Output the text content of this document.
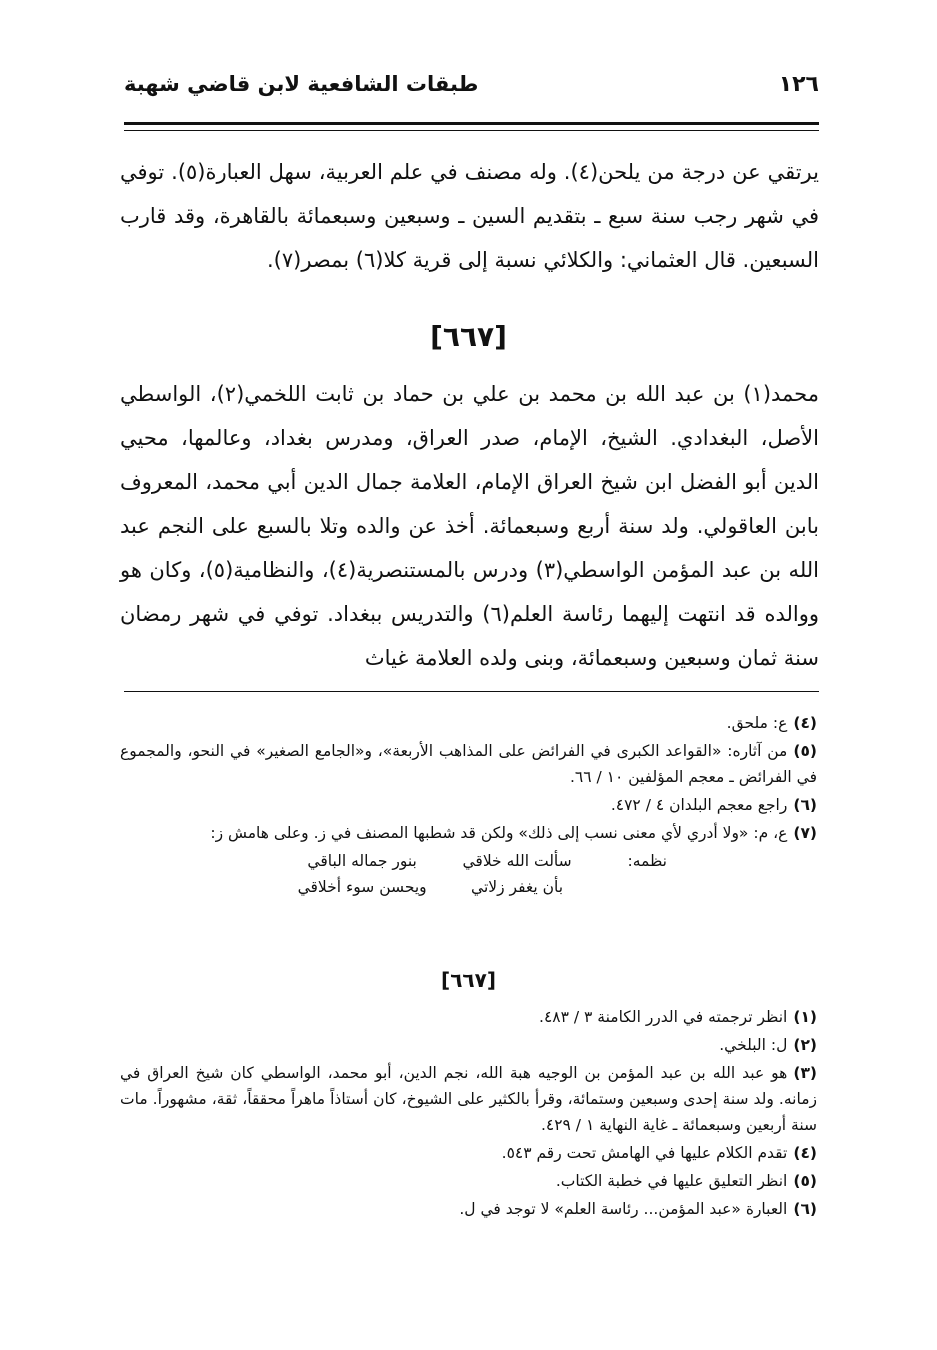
١٢٦
طبقات الشافعية لابن قاضي شهبة

يرتقي عن درجة من يلحن(٤). وله مصنف في علم العربية، سهل العبارة(٥). توفي في شهر رجب سنة سبع ـ بتقديم السين ـ وسبعين وسبعمائة بالقاهرة، وقد قارب السبعين. قال العثماني: والكلائي نسبة إلى قرية كلا(٦) بمصر(٧).

[٦٦٧]

محمد(١) بن عبد الله بن محمد بن علي بن حماد بن ثابت اللخمي(٢)، الواسطي الأصل، البغدادي. الشيخ، الإمام، صدر العراق، ومدرس بغداد، وعالمها، محيي الدين أبو الفضل ابن شيخ العراق الإمام، العلامة جمال الدين أبي محمد، المعروف بابن العاقولي. ولد سنة أربع وسبعمائة. أخذ عن والده وتلا بالسبع على النجم عبد الله بن عبد المؤمن الواسطي(٣) ودرس بالمستنصرية(٤)، والنظامية(٥)، وكان هو ووالده قد انتهت إليهما رئاسة العلم(٦) والتدريس ببغداد. توفي في شهر رمضان سنة ثمان وسبعين وسبعمائة، وبنى ولده العلامة غياث

(٤)ع: ملحق.

(٥)من آثاره: «القواعد الكبرى في الفرائض على المذاهب الأربعة»، و«الجامع الصغير» في النحو، والمجموع في الفرائض ـ معجم المؤلفين ١٠ / ٦٦.

(٦)راجع معجم البلدان ٤ / ٤٧٢.

(٧)ع، م: «ولا أدري لأي معنى نسب إلى ذلك» ولكن قد شطبها المصنف في ز. وعلى هامش ز:

نظمه:
سألت الله خلاقي بنور جماله الباقي
بأن يغفر زلاتي ويحسن سوء أخلاقي
[٦٦٧]

(١)انظر ترجمته في الدرر الكامنة ٣ / ٤٨٣.

(٢)ل: البلخي.

(٣)هو عبد الله بن عبد المؤمن بن الوجيه هبة الله، نجم الدين، أبو محمد، الواسطي كان شيخ العراق في زمانه. ولد سنة إحدى وسبعين وستمائة، وقرأ بالكثير على الشيوخ، كان أستاذاً ماهراً محققاً، ثقة، مشهوراً. مات سنة أربعين وسبعمائة ـ غاية النهاية ١ / ٤٢٩.

(٤)تقدم الكلام عليها في الهامش تحت رقم ٥٤٣.

(٥)انظر التعليق عليها في خطبة الكتاب.

(٦)العبارة «عبد المؤمن... رئاسة العلم» لا توجد في ل.
